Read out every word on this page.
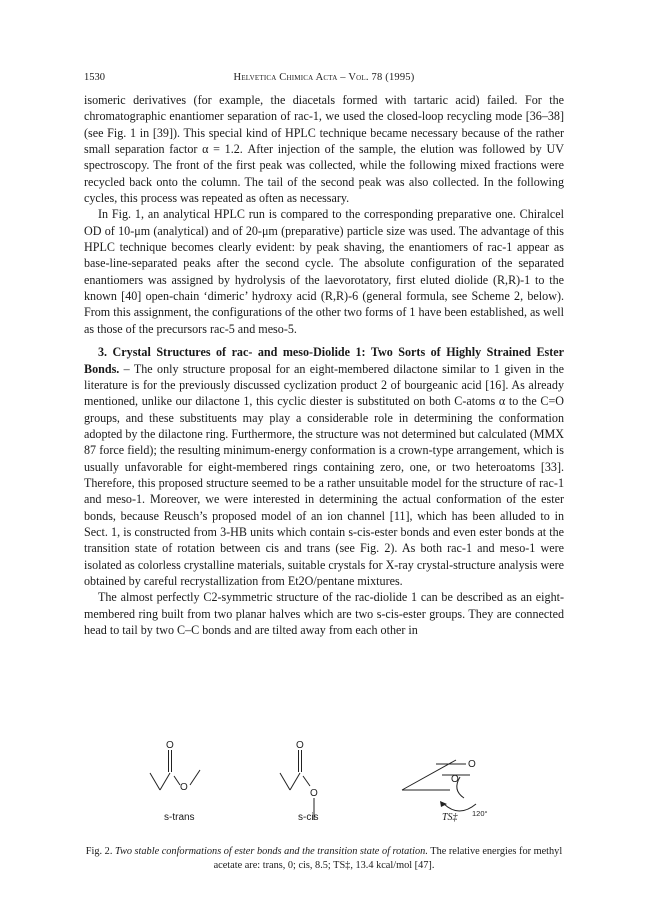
1530	Helvetica Chimica Acta – Vol. 78 (1995)

isomeric derivatives (for example, the diacetals formed with tartaric acid) failed. For the chromatographic enantiomer separation of rac-1, we used the closed-loop recycling mode [36–38] (see Fig. 1 in [39]). This special kind of HPLC technique became necessary because of the rather small separation factor α = 1.2. After injection of the sample, the elution was followed by UV spectroscopy. The front of the first peak was collected, while the following mixed fractions were recycled back onto the column. The tail of the second peak was also collected. In the following cycles, this process was repeated as often as necessary.

In Fig. 1, an analytical HPLC run is compared to the corresponding preparative one. Chiralcel OD of 10-μm (analytical) and of 20-μm (preparative) particle size was used. The advantage of this HPLC technique becomes clearly evident: by peak shaving, the enantiomers of rac-1 appear as base-line-separated peaks after the second cycle. The absolute configuration of the separated enantiomers was assigned by hydrolysis of the laevorotatory, first eluted diolide (R,R)-1 to the known [40] open-chain ‘dimeric’ hydroxy acid (R,R)-6 (general formula, see Scheme 2, below). From this assignment, the configurations of the other two forms of 1 have been established, as well as those of the precursors rac-5 and meso-5.

3. Crystal Structures of rac- and meso-Diolide 1: Two Sorts of Highly Strained Ester Bonds. – The only structure proposal for an eight-membered dilactone similar to 1 given in the literature is for the previously discussed cyclization product 2 of bourgeanic acid [16]. As already mentioned, unlike our dilactone 1, this cyclic diester is substituted on both C-atoms α to the C=O groups, and these substituents may play a considerable role in determining the conformation adopted by the dilactone ring. Furthermore, the structure was not determined but calculated (MMX 87 force field); the resulting minimum-energy conformation is a crown-type arrangement, which is usually unfavorable for eight-membered rings containing zero, one, or two heteroatoms [33]. Therefore, this proposed structure seemed to be a rather unsuitable model for the structure of rac-1 and meso-1. Moreover, we were interested in determining the actual conformation of the ester bonds, because Reusch’s proposed model of an ion channel [11], which has been alluded to in Sect. 1, is constructed from 3-HB units which contain s-cis-ester bonds and even ester bonds at the transition state of rotation between cis and trans (see Fig. 2). As both rac-1 and meso-1 were isolated as colorless crystalline materials, suitable crystals for X-ray crystal-structure analysis were obtained by careful recrystallization from Et2O/pentane mixtures.

The almost perfectly C2-symmetric structure of the rac-diolide 1 can be described as an eight-membered ring built from two planar halves which are two s-cis-ester groups. They are connected head to tail by two C–C bonds and are tilted away from each other in

O
O
O
O
O
O
120°
s-trans	s-cis	TS‡
Fig. 2. Two stable conformations of ester bonds and the transition state of rotation. The relative energies for methyl acetate are: trans, 0; cis, 8.5; TS‡, 13.4 kcal/mol [47].
